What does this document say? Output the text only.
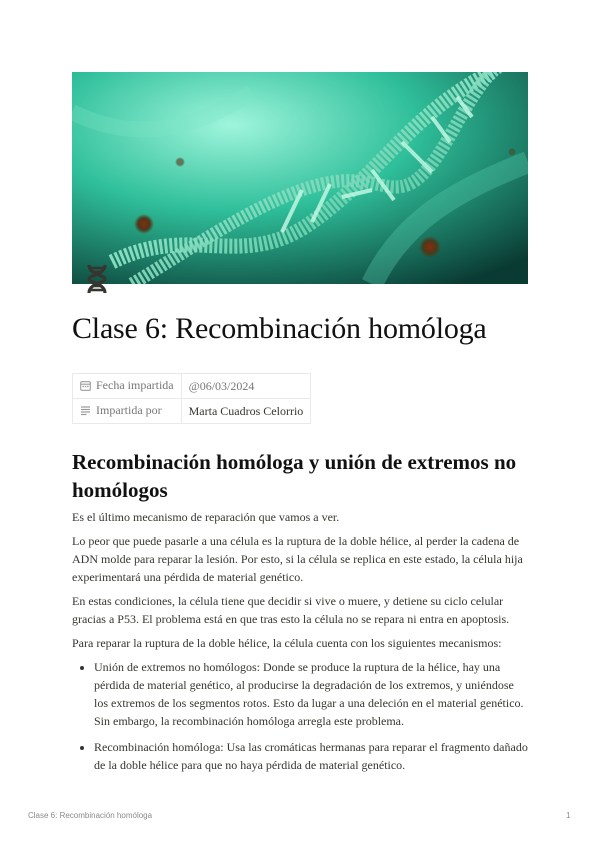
Clase 6: Recombinación homóloga
Fecha impartida	@06/03/2024
Impartida por	Marta Cuadros Celorrio
Recombinación homóloga y unión de extremos no homólogos

Es el último mecanismo de reparación que vamos a ver.

Lo peor que puede pasarle a una célula es la ruptura de la doble hélice, al perder la cadena de ADN molde para reparar la lesión. Por esto, si la célula se replica en este estado, la célula hija experimentará una pérdida de material genético.

En estas condiciones, la célula tiene que decidir si vive o muere, y detiene su ciclo celular gracias a P53. El problema está en que tras esto la célula no se repara ni entra en apoptosis.

Para reparar la ruptura de la doble hélice, la célula cuenta con los siguientes mecanismos:

• Unión de extremos no homólogos: Donde se produce la ruptura de la hélice, hay una pérdida de material genético, al producirse la degradación de los extremos, y uniéndose los extremos de los segmentos rotos. Esto da lugar a una deleción en el material genético. Sin embargo, la recombinación homóloga arregla este problema.
• Recombinación homóloga: Usa las cromáticas hermanas para reparar el fragmento dañado de la doble hélice para que no haya pérdida de material genético.
Clase 6: Recombinación homóloga	1
